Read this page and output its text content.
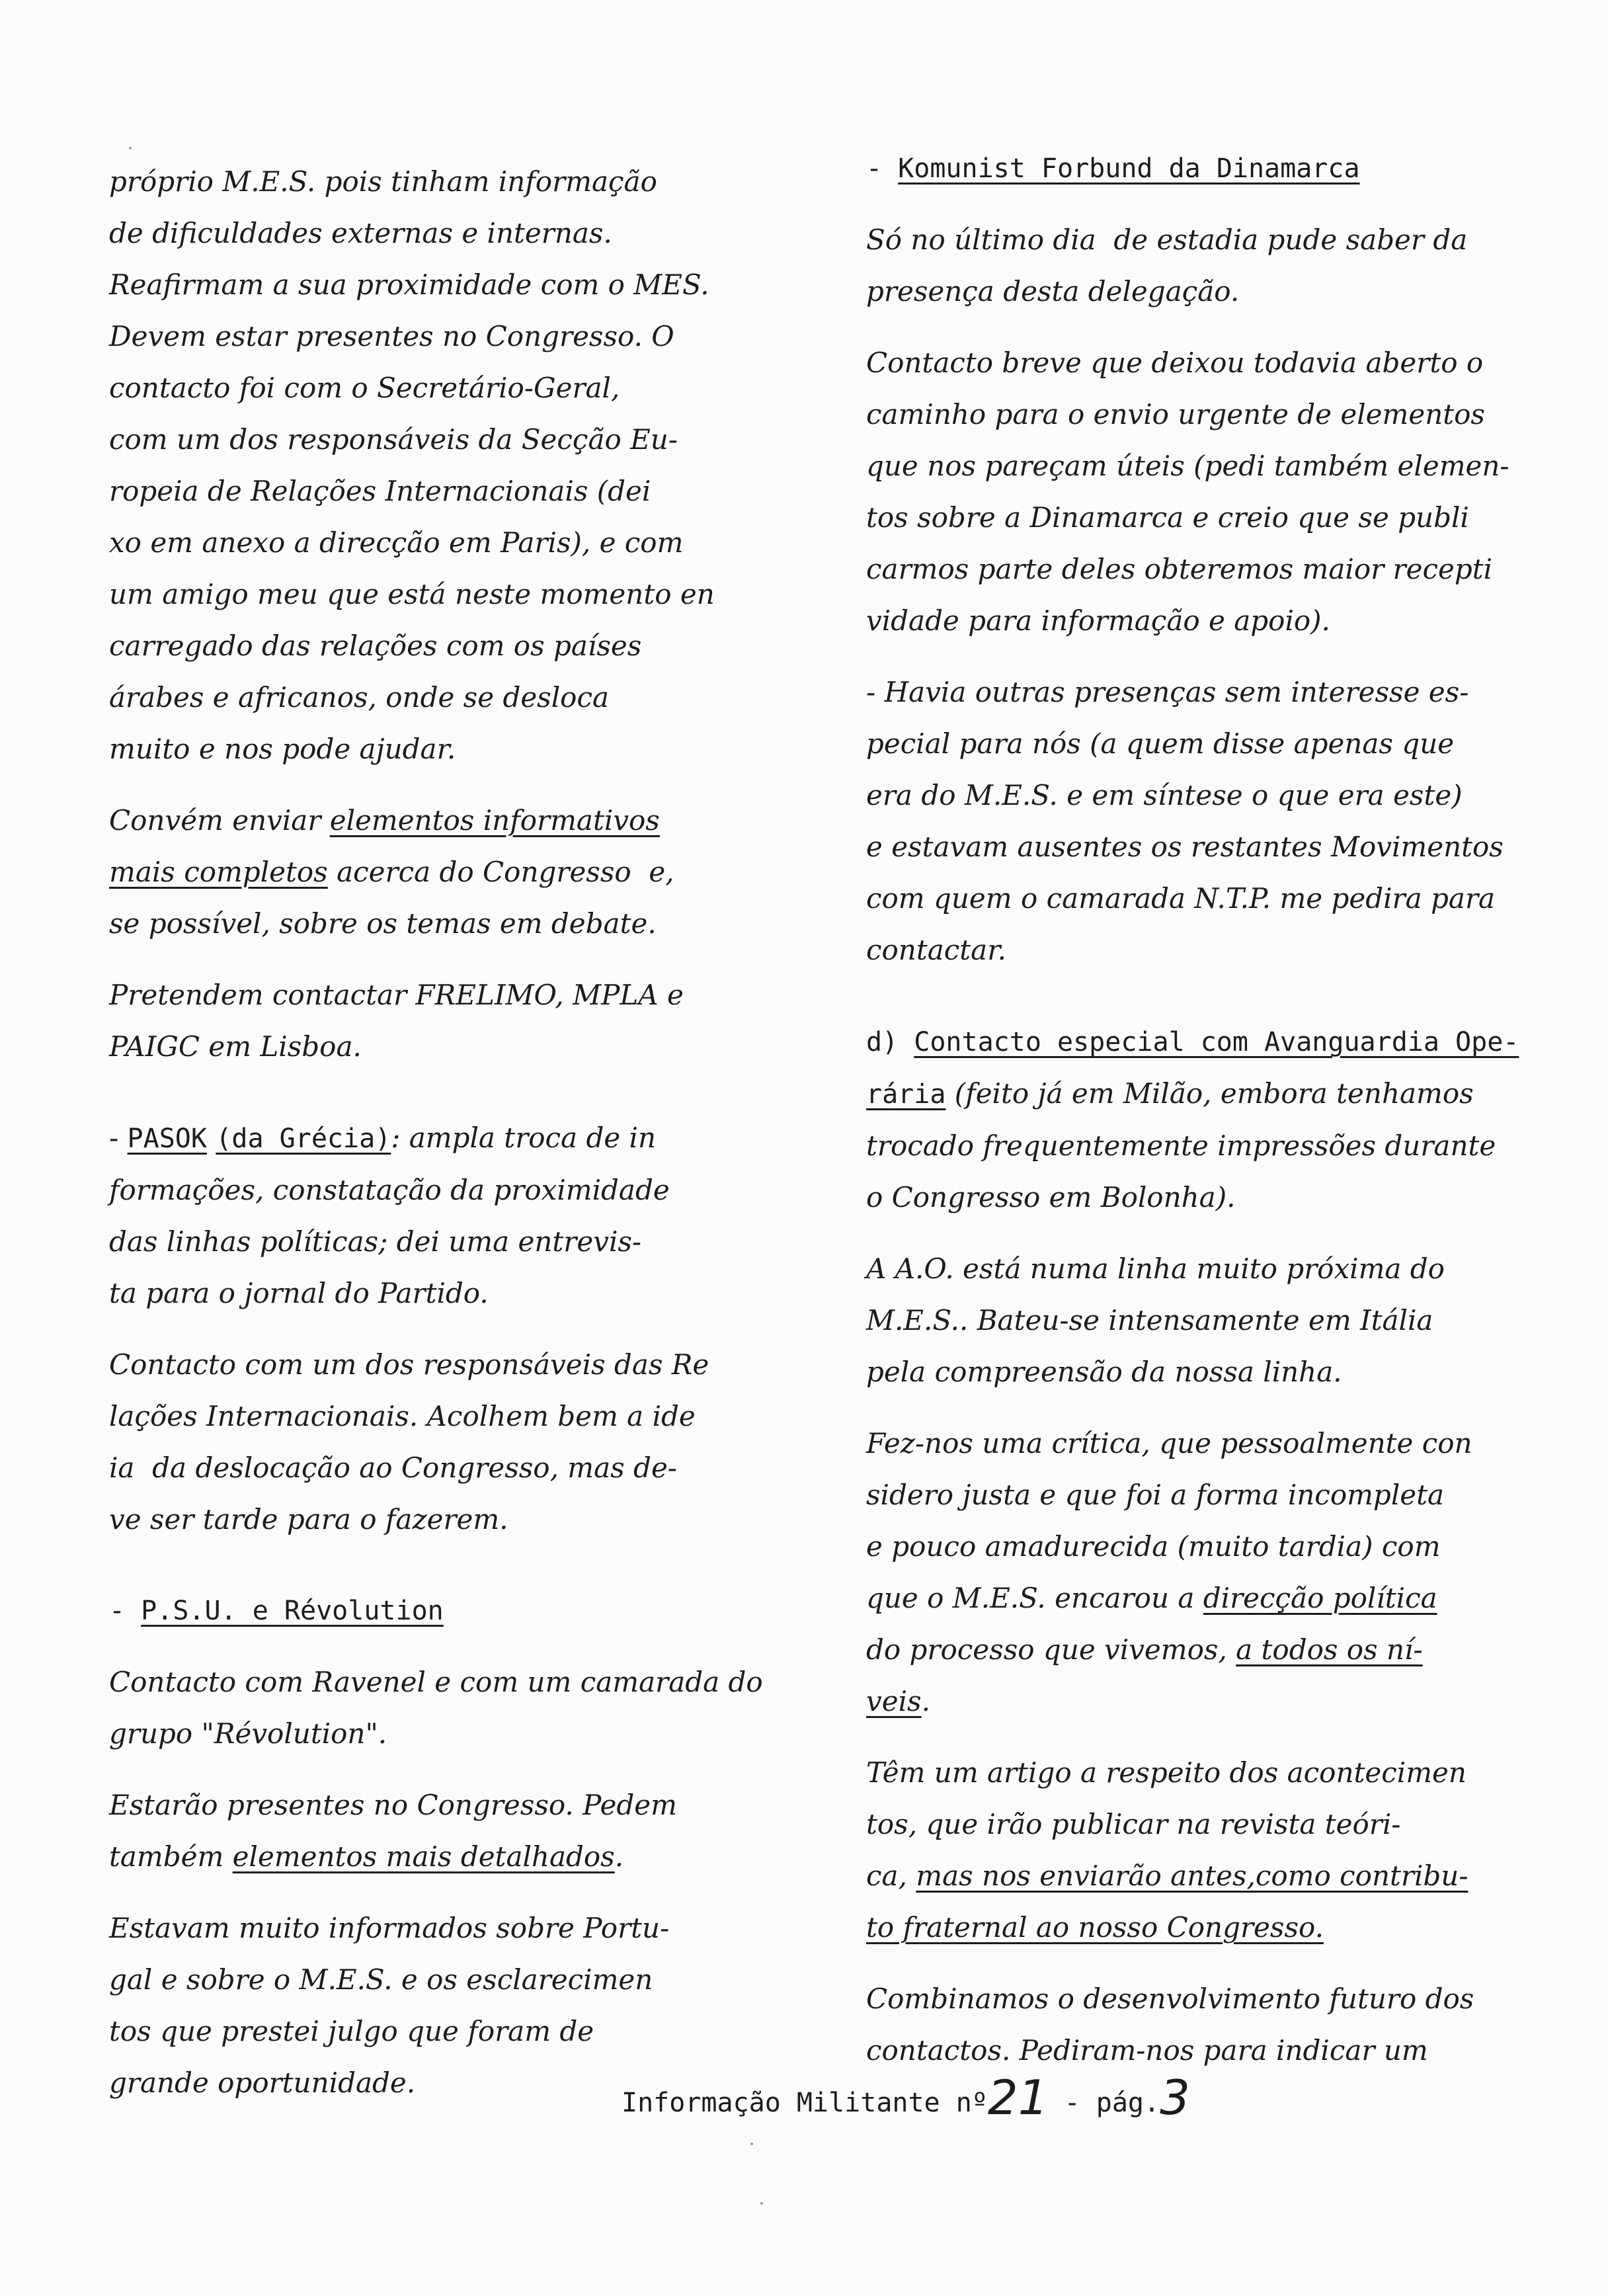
próprio M.E.S. pois tinham informação
de dificuldades externas e internas.
Reafirmam a sua proximidade com o MES.
Devem estar presentes no Congresso. O
contacto foi com o Secretário-Geral,
com um dos responsáveis da Secção Eu-
ropeia de Relações Internacionais (dei
xo em anexo a direcção em Paris), e com
um amigo meu que está neste momento en
carregado das relações com os países
árabes e africanos, onde se desloca
muito e nos pode ajudar.
Convém enviar elementos informativos
mais completos acerca do Congresso  e,
se possível, sobre os temas em debate.
Pretendem contactar FRELIMO, MPLA e
PAIGC em Lisboa.
- PASOK (da Grécia): ampla troca de in
formações, constatação da proximidade
das linhas políticas; dei uma entrevis-
ta para o jornal do Partido.
Contacto com um dos responsáveis das Re
lações Internacionais. Acolhem bem a ide
ia  da deslocação ao Congresso, mas de-
ve ser tarde para o fazerem.
- P.S.U. e Révolution
Contacto com Ravenel e com um camarada do
grupo "Révolution".
Estarão presentes no Congresso. Pedem
também elementos mais detalhados.
Estavam muito informados sobre Portu-
gal e sobre o M.E.S. e os esclarecimen
tos que prestei julgo que foram de
grande oportunidade.
- Komunist Forbund da Dinamarca
Só no último dia  de estadia pude saber da
presença desta delegação.
Contacto breve que deixou todavia aberto o
caminho para o envio urgente de elementos
que nos pareçam úteis (pedi também elemen-
tos sobre a Dinamarca e creio que se publi
carmos parte deles obteremos maior recepti
vidade para informação e apoio).
- Havia outras presenças sem interesse es-
pecial para nós (a quem disse apenas que
era do M.E.S. e em síntese o que era este)
e estavam ausentes os restantes Movimentos
com quem o camarada N.T.P. me pedira para
contactar.
d) Contacto especial com Avanguardia Ope-
rária (feito já em Milão, embora tenhamos
trocado frequentemente impressões durante
o Congresso em Bolonha).
A A.O. está numa linha muito próxima do
M.E.S.. Bateu-se intensamente em Itália
pela compreensão da nossa linha.
Fez-nos uma crítica, que pessoalmente con
sidero justa e que foi a forma incompleta
e pouco amadurecida (muito tardia) com
que o M.E.S. encarou a direcção política
do processo que vivemos, a todos os ní-
veis.
Têm um artigo a respeito dos acontecimen
tos, que irão publicar na revista teóri-
ca, mas nos enviarão antes,como contribu-
to fraternal ao nosso Congresso.
Combinamos o desenvolvimento futuro dos
contactos. Pediram-nos para indicar um
Informação Militante nº21 - pág.3
